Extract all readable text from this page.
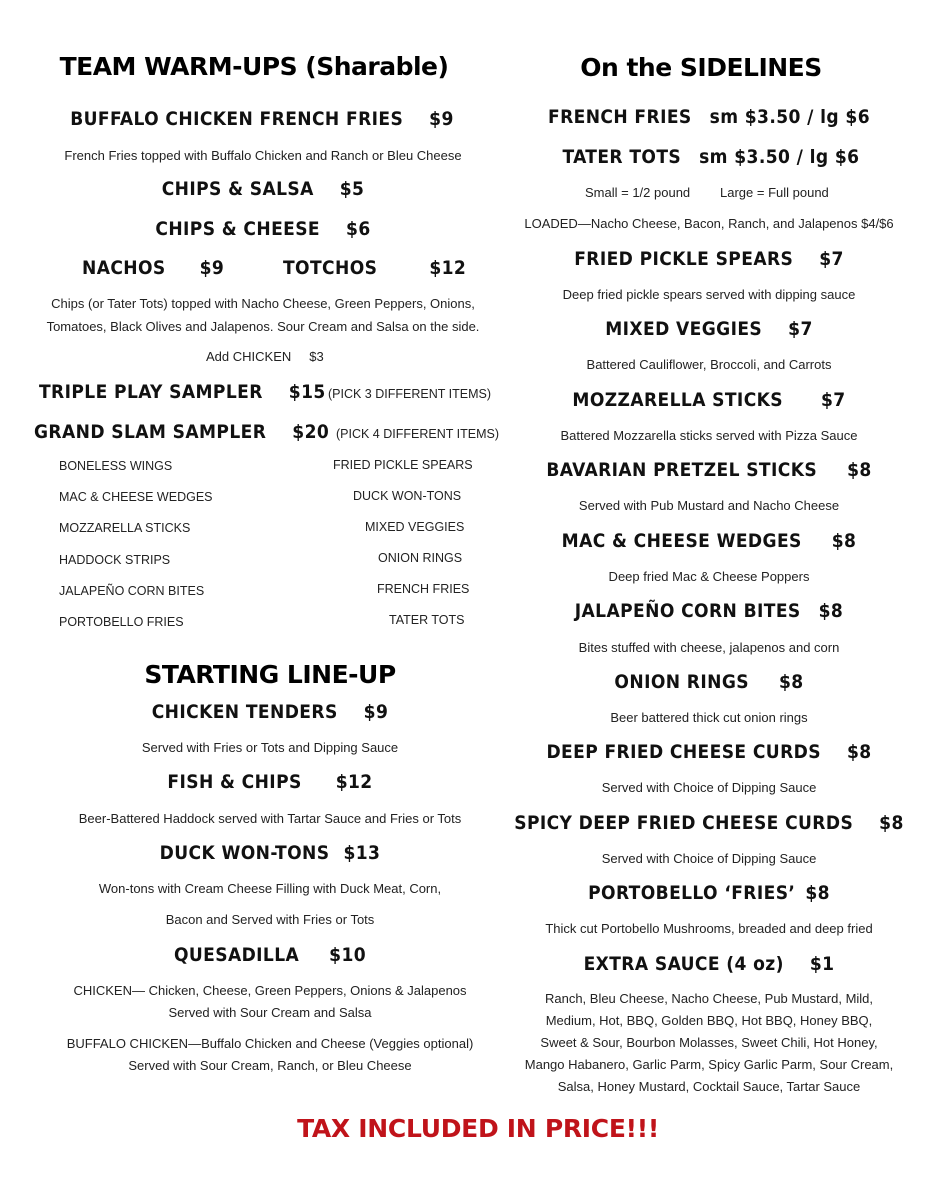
TEAM WARM-UPS (Sharable)
BUFFALO CHICKEN FRENCH FRIES $9
French Fries topped with Buffalo Chicken and Ranch or Bleu Cheese
CHIPS & SALSA $5
CHIPS & CHEESE $6
NACHOS $9	TOTCHOS	$12
Chips (or Tater Tots) topped with Nacho Cheese, Green Peppers, Onions,
Tomatoes, Black Olives and Jalapenos. Sour Cream and Salsa on the side.
Add CHICKEN $3
TRIPLE PLAY SAMPLER $15 (PICK 3 DIFFERENT ITEMS)
GRAND SLAM SAMPLER $20 (PICK 4 DIFFERENT ITEMS)
BONELESS WINGS
MAC & CHEESE WEDGES
MOZZARELLA STICKS
HADDOCK STRIPS
JALAPEÑO CORN BITES
PORTOBELLO FRIES
FRIED PICKLE SPEARS
DUCK WON-TONS
MIXED VEGGIES
ONION RINGS
FRENCH FRIES
TATER TOTS
STARTING LINE-UP
CHICKEN TENDERS $9
Served with Fries or Tots and Dipping Sauce
FISH & CHIPS $12
Beer-Battered Haddock served with Tartar Sauce and Fries or Tots
DUCK WON-TONS $13
Won-tons with Cream Cheese Filling with Duck Meat, Corn,
Bacon and Served with Fries or Tots
QUESADILLA $10
CHICKEN— Chicken, Cheese, Green Peppers, Onions & Jalapenos
Served with Sour Cream and Salsa
BUFFALO CHICKEN—Buffalo Chicken and Cheese (Veggies optional)
Served with Sour Cream, Ranch, or Bleu Cheese
On the SIDELINES
FRENCH FRIES sm $3.50 / lg $6
TATER TOTS sm $3.50 / lg $6
Small = 1/2 pound Large = Full pound
LOADED—Nacho Cheese, Bacon, Ranch, and Jalapenos $4/$6
FRIED PICKLE SPEARS $7
Deep fried pickle spears served with dipping sauce
MIXED VEGGIES $7
Battered Cauliflower, Broccoli, and Carrots
MOZZARELLA STICKS $7
Battered Mozzarella sticks served with Pizza Sauce
BAVARIAN PRETZEL STICKS $8
Served with Pub Mustard and Nacho Cheese
MAC & CHEESE WEDGES $8
Deep fried Mac & Cheese Poppers
JALAPEÑO CORN BITES $8
Bites stuffed with cheese, jalapenos and corn
ONION RINGS $8
Beer battered thick cut onion rings
DEEP FRIED CHEESE CURDS $8
Served with Choice of Dipping Sauce
SPICY DEEP FRIED CHEESE CURDS $8
Served with Choice of Dipping Sauce
PORTOBELLO ‘FRIES’ $8
Thick cut Portobello Mushrooms, breaded and deep fried
EXTRA SAUCE (4 oz) $1
Ranch, Bleu Cheese, Nacho Cheese, Pub Mustard, Mild,
Medium, Hot, BBQ, Golden BBQ, Hot BBQ, Honey BBQ,
Sweet & Sour, Bourbon Molasses, Sweet Chili, Hot Honey,
Mango Habanero, Garlic Parm, Spicy Garlic Parm, Sour Cream,
Salsa, Honey Mustard, Cocktail Sauce, Tartar Sauce
TAX INCLUDED IN PRICE!!!
